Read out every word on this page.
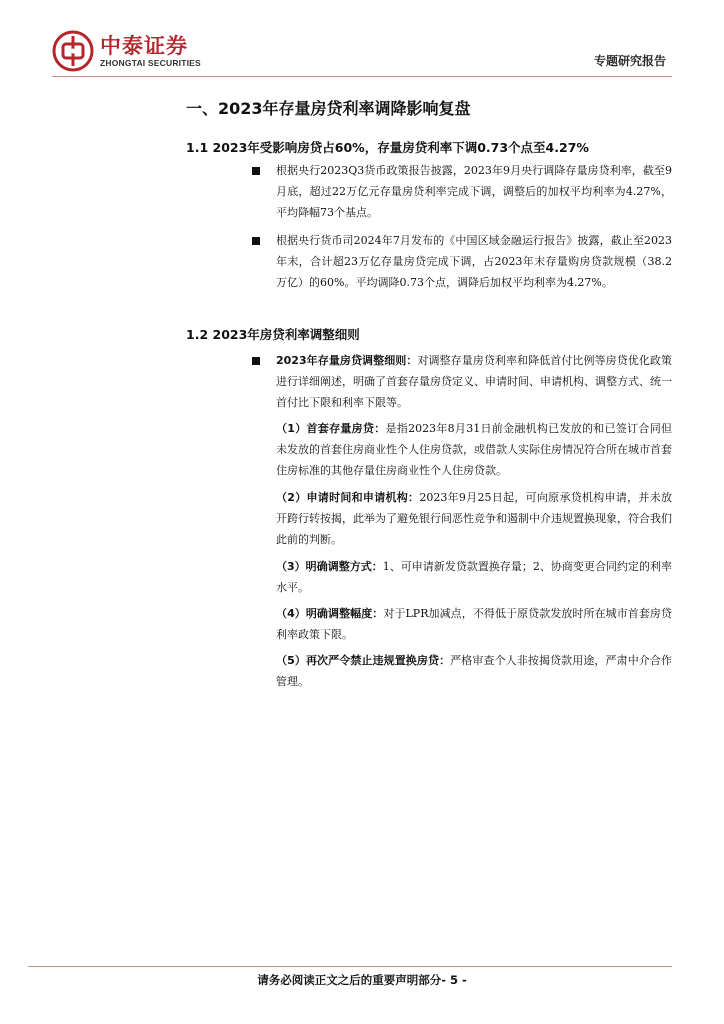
中泰证券
ZHONGTAI SECURITIES	专题研究报告
一、2023年存量房贷利率调降影响复盘
1.1 2023年受影响房贷占60%，存量房贷利率下调0.73个点至4.27%
根据央行2023Q3货币政策报告披露，2023年9月央行调降存量房贷利率，截至9月底，超过22万亿元存量房贷利率完成下调，调整后的加权平均利率为4.27%，平均降幅73个基点。
根据央行货币司2024年7月发布的《中国区域金融运行报告》披露，截止至2023年末，合计超23万亿存量房贷完成下调，占2023年末存量购房贷款规模（38.2万亿）的60%。平均调降0.73个点，调降后加权平均利率为4.27%。
1.2 2023年房贷利率调整细则
2023年存量房贷调整细则：对调整存量房贷利率和降低首付比例等房贷优化政策进行详细阐述，明确了首套存量房贷定义、申请时间、申请机构、调整方式、统一首付比下限和利率下限等。
（1）首套存量房贷：是指2023年8月31日前金融机构已发放的和已签订合同但未发放的首套住房商业性个人住房贷款，或借款人实际住房情况符合所在城市首套住房标准的其他存量住房商业性个人住房贷款。
（2）申请时间和申请机构：2023年9月25日起，可向原承贷机构申请，并未放开跨行转按揭，此举为了避免银行间恶性竞争和遏制中介违规置换现象，符合我们此前的判断。
（3）明确调整方式：1、可申请新发贷款置换存量；2、协商变更合同约定的利率水平。
（4）明确调整幅度：对于LPR加减点，不得低于原贷款发放时所在城市首套房贷利率政策下限。
（5）再次严令禁止违规置换房贷：严格审查个人非按揭贷款用途，严肃中介合作管理。
请务必阅读正文之后的重要声明部分- 5 -
